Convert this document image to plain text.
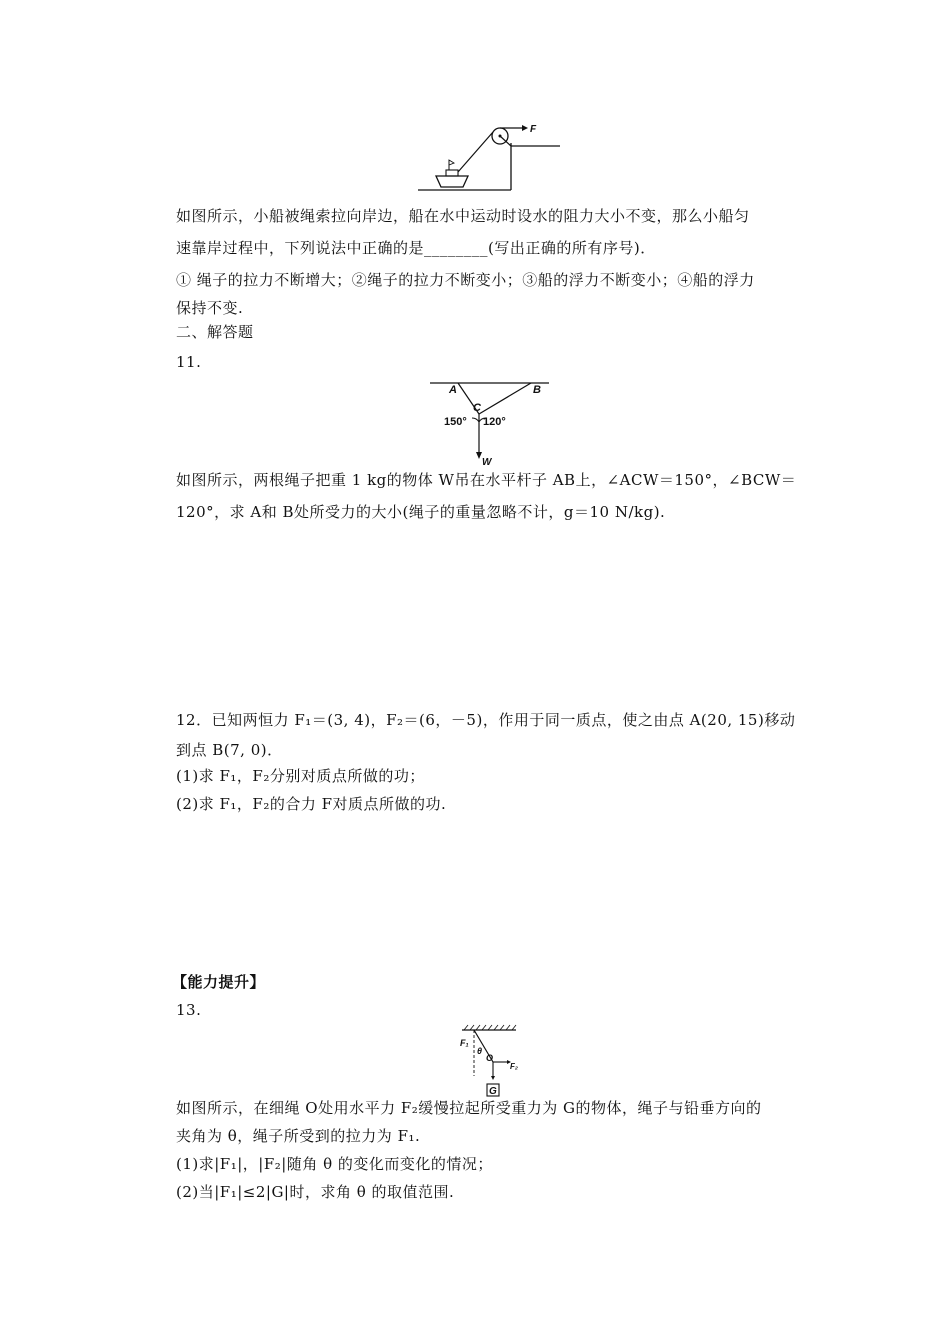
F
如图所示，小船被绳索拉向岸边，船在水中运动时设水的阻力大小不变，那么小船匀
速靠岸过程中，下列说法中正确的是________(写出正确的所有序号)．
① 绳子的拉力不断增大；②绳子的拉力不断变小；③船的浮力不断变小；④船的浮力
保持不变.
二、解答题
11.
A	B
C
150° 120°
W
如图所示，两根绳子把重 1 kg的物体 W吊在水平杆子 AB上，∠ACW＝150°，∠BCW＝
120°，求 A和 B处所受力的大小(绳子的重量忽略不计，g＝10 N/kg).
12．已知两恒力 F₁＝(3, 4)，F₂＝(6，－5)，作用于同一质点，使之由点 A(20, 15)移动
到点 B(7, 0)．
(1)求 F₁，F₂分别对质点所做的功；
(2)求 F₁，F₂的合力 F对质点所做的功.
【能力提升】
13.
F₁
θ
O
F₂
G
如图所示，在细绳 O处用水平力 F₂缓慢拉起所受重力为 G的物体，绳子与铅垂方向的
夹角为 θ，绳子所受到的拉力为 F₁.
(1)求|F₁|，|F₂|随角 θ 的变化而变化的情况；
(2)当|F₁|≤2|G|时，求角 θ 的取值范围.
